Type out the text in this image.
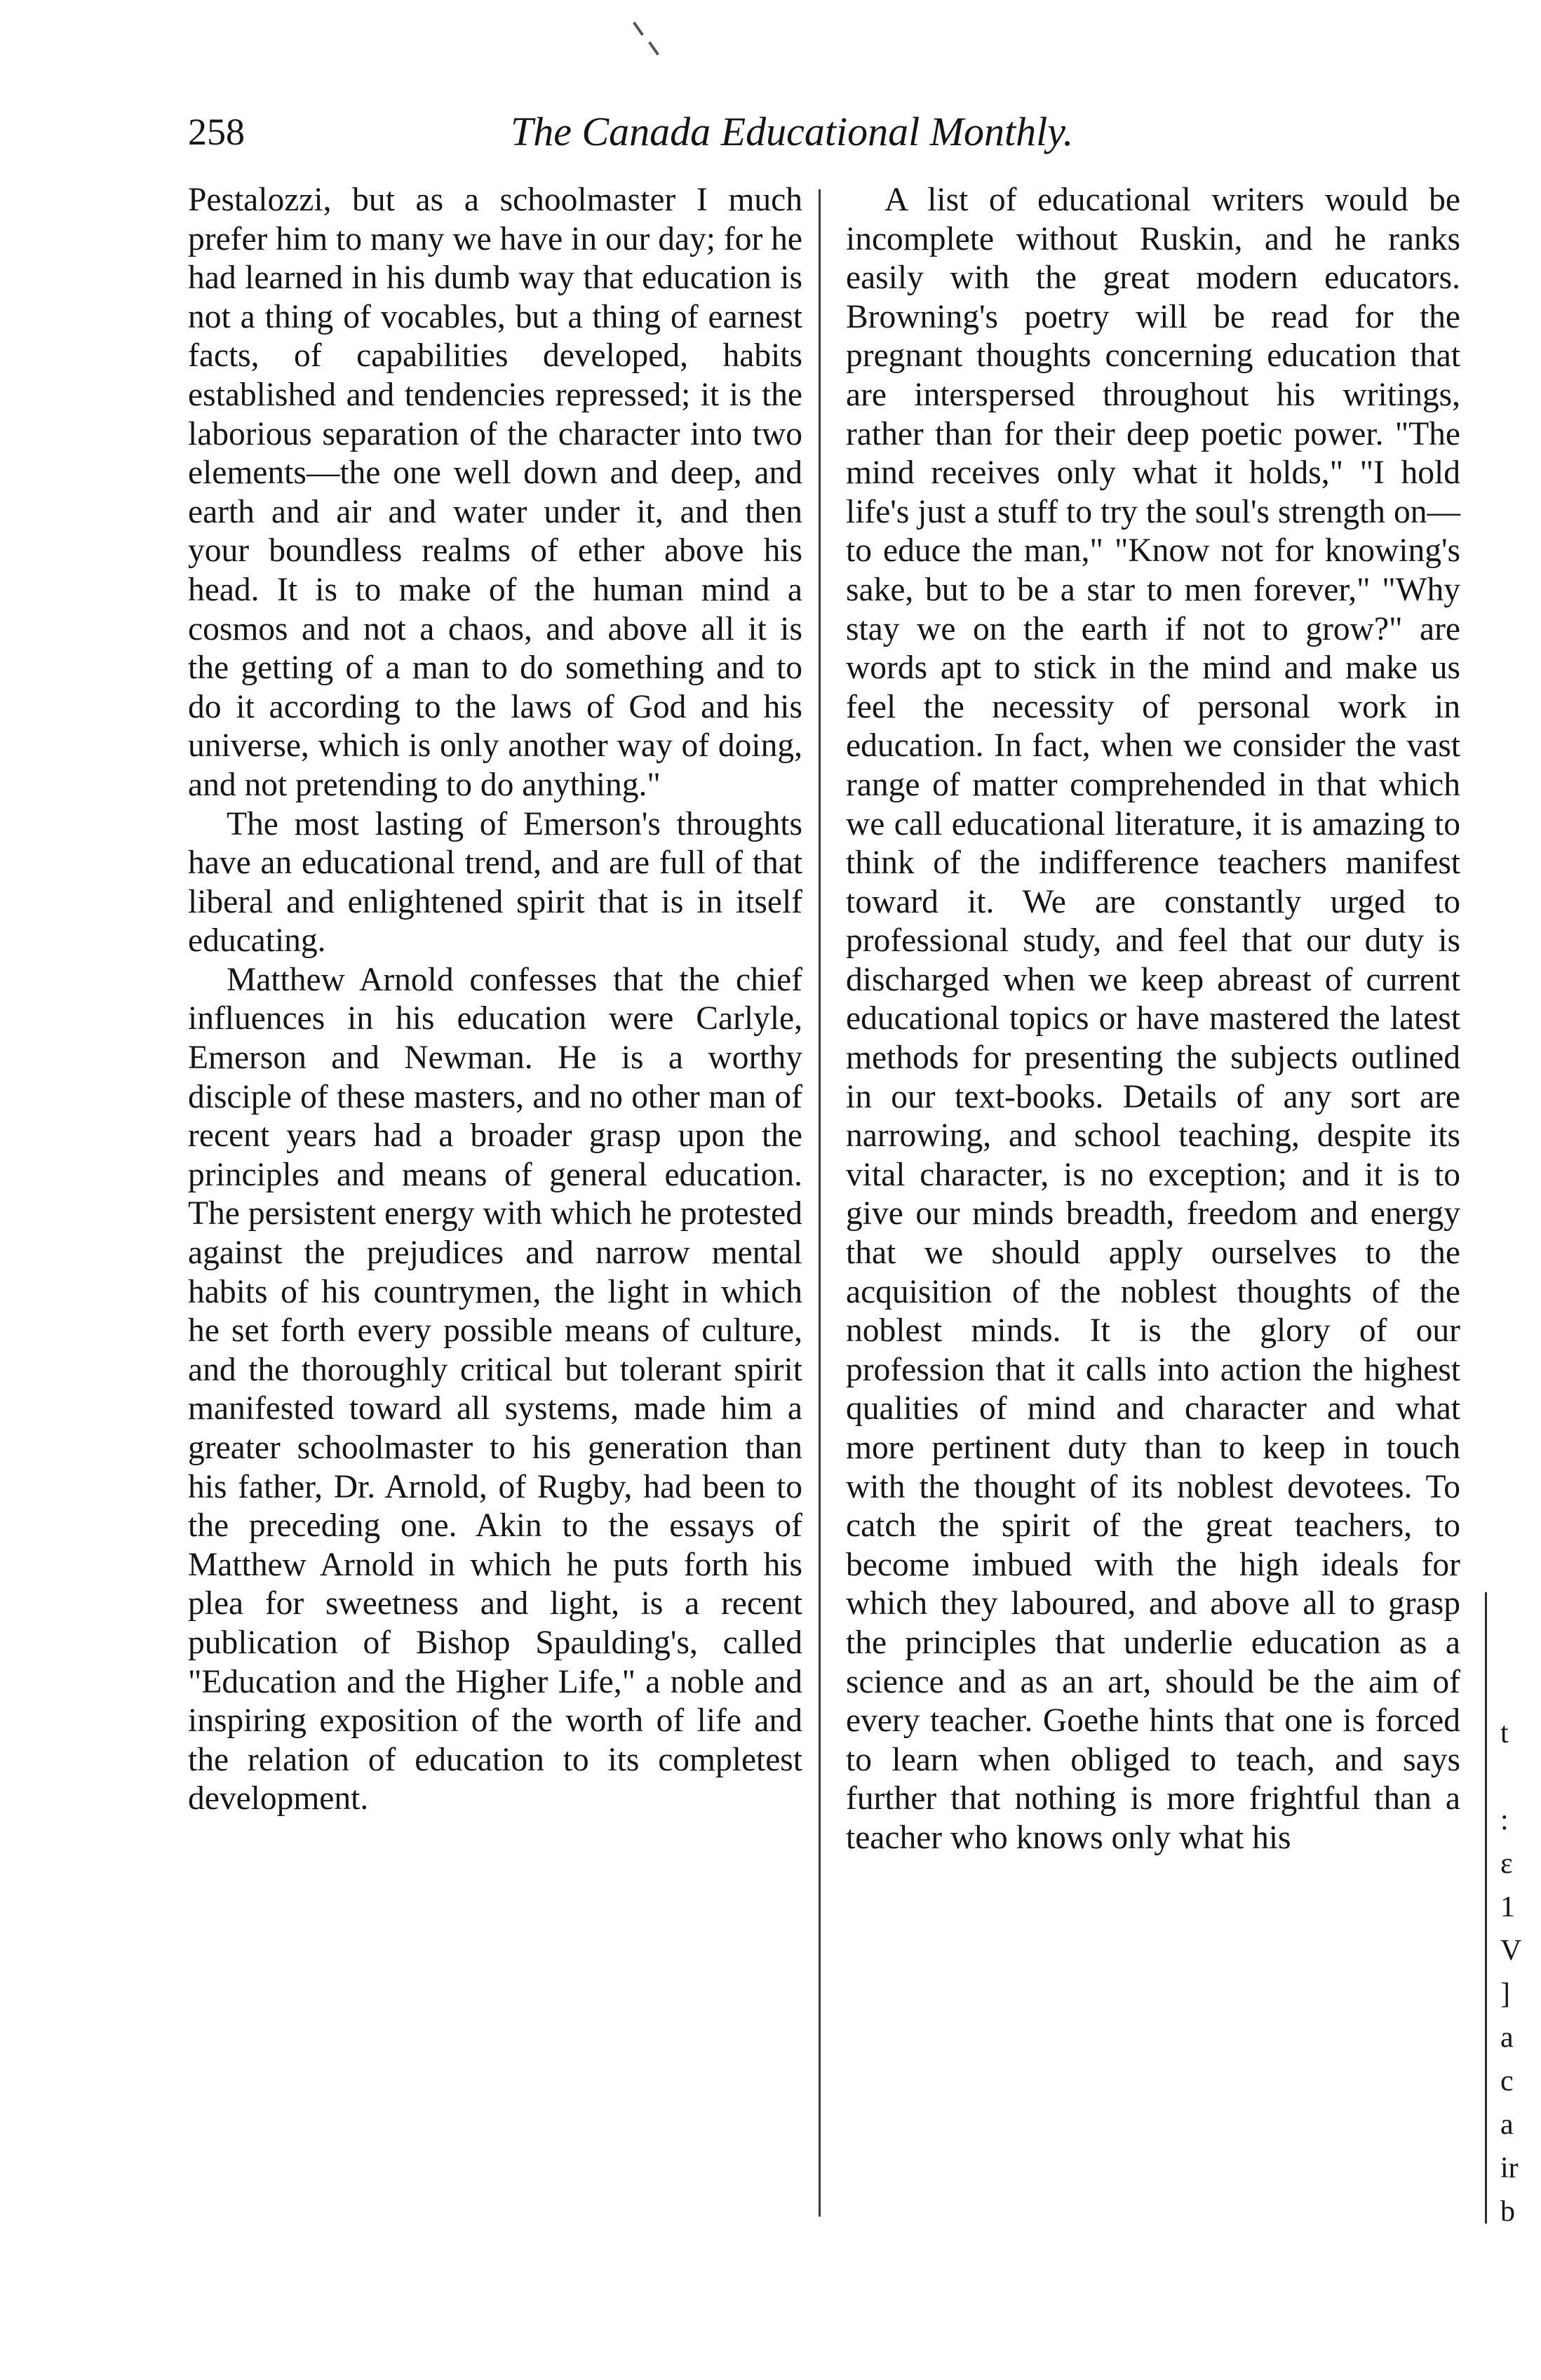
258	The Canada Educational Monthly.

Pestalozzi, but as a schoolmaster I much prefer him to many we have in our day; for he had learned in his dumb way that education is not a thing of vocables, but a thing of earnest facts, of capabilities developed, habits established and tendencies repressed; it is the laborious separation of the character into two elements—the one well down and deep, and earth and air and water under it, and then your boundless realms of ether above his head. It is to make of the human mind a cosmos and not a chaos, and above all it is the getting of a man to do something and to do it according to the laws of God and his universe, which is only another way of doing, and not pretending to do anything."

The most lasting of Emerson's throughts have an educational trend, and are full of that liberal and enlightened spirit that is in itself educating.

Matthew Arnold confesses that the chief influences in his education were Carlyle, Emerson and Newman. He is a worthy disciple of these masters, and no other man of recent years had a broader grasp upon the principles and means of general education. The persistent energy with which he protested against the prejudices and narrow mental habits of his countrymen, the light in which he set forth every possible means of culture, and the thoroughly critical but tolerant spirit manifested toward all systems, made him a greater schoolmaster to his generation than his father, Dr. Arnold, of Rugby, had been to the preceding one. Akin to the essays of Matthew Arnold in which he puts forth his plea for sweetness and light, is a recent publication of Bishop Spaulding's, called "Education and the Higher Life," a noble and inspiring exposition of the worth of life and the relation of education to its completest development.

A list of educational writers would be incomplete without Ruskin, and he ranks easily with the great modern educators. Browning's poetry will be read for the pregnant thoughts concerning education that are interspersed throughout his writings, rather than for their deep poetic power. "The mind receives only what it holds," "I hold life's just a stuff to try the soul's strength on—to educe the man," "Know not for knowing's sake, but to be a star to men forever," "Why stay we on the earth if not to grow?" are words apt to stick in the mind and make us feel the necessity of personal work in education. In fact, when we consider the vast range of matter comprehended in that which we call educational literature, it is amazing to think of the indifference teachers manifest toward it. We are constantly urged to professional study, and feel that our duty is discharged when we keep abreast of current educational topics or have mastered the latest methods for presenting the subjects outlined in our text-books. Details of any sort are narrowing, and school teaching, despite its vital character, is no exception; and it is to give our minds breadth, freedom and energy that we should apply ourselves to the acquisition of the noblest thoughts of the noblest minds. It is the glory of our profession that it calls into action the highest qualities of mind and character and what more pertinent duty than to keep in touch with the thought of its noblest devotees. To catch the spirit of the great teachers, to become imbued with the high ideals for which they laboured, and above all to grasp the principles that underlie education as a science and as an art, should be the aim of every teacher. Goethe hints that one is forced to learn when obliged to teach, and says further that nothing is more frightful than a teacher who knows only what his

t

:
ε
1
V
]
a
c
a
ir
b
